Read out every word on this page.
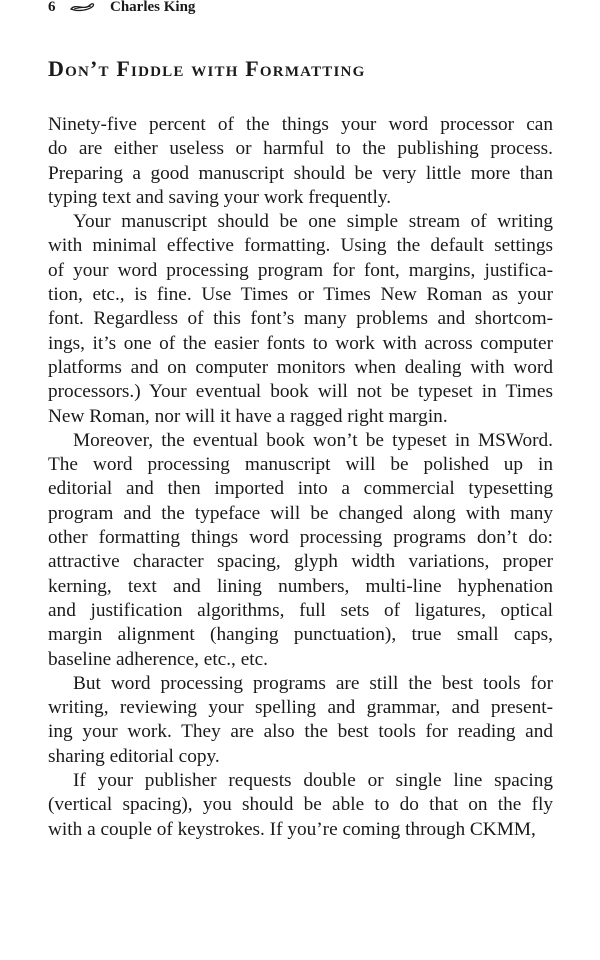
6	Charles King
Don’t Fiddle with Formatting
Ninety-five percent of the things your word processor can
do are either useless or harmful to the publishing process.
Preparing a good manuscript should be very little more than
typing text and saving your work frequently.
Your manuscript should be one simple stream of writing
with minimal effective formatting. Using the default settings
of your word processing program for font, margins, justifica-
tion, etc., is fine. Use Times or Times New Roman as your
font. Regardless of this font’s many problems and shortcom-
ings, it’s one of the easier fonts to work with across computer
platforms and on computer monitors when dealing with word
processors.) Your eventual book will not be typeset in Times
New Roman, nor will it have a ragged right margin.
Moreover, the eventual book won’t be typeset in MSWord.
The word processing manuscript will be polished up in
editorial and then imported into a commercial typesetting
program and the typeface will be changed along with many
other formatting things word processing programs don’t do:
attractive character spacing, glyph width variations, proper
kerning, text and lining numbers, multi-line hyphenation
and justification algorithms, full sets of ligatures, optical
margin alignment (hanging punctuation), true small caps,
baseline adherence, etc., etc.
But word processing programs are still the best tools for
writing, reviewing your spelling and grammar, and present-
ing your work. They are also the best tools for reading and
sharing editorial copy.
If your publisher requests double or single line spacing
(vertical spacing), you should be able to do that on the fly
with a couple of keystrokes. If you’re coming through CKMM,
